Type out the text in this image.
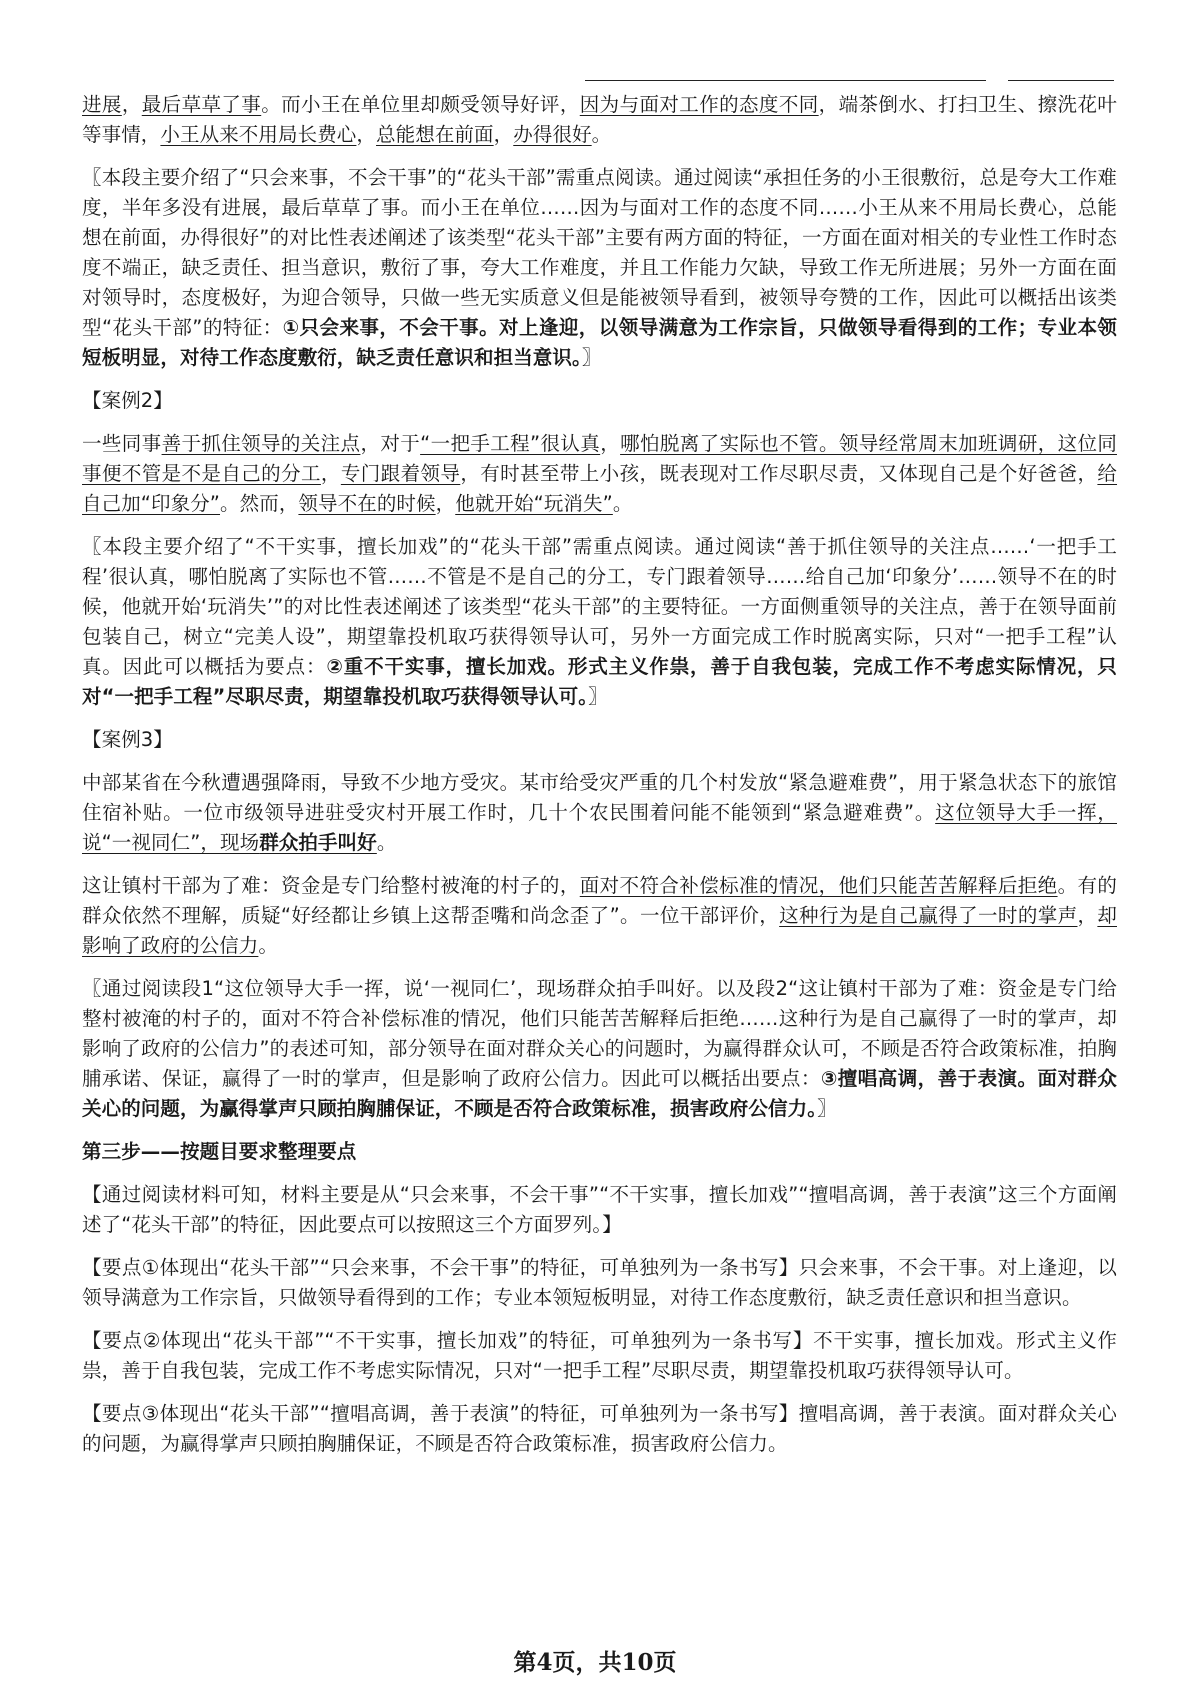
进展，最后草草了事。而小王在单位里却颇受领导好评，因为与面对工作的态度不同，端茶倒水、打扫卫生、擦洗花叶等事情，小王从来不用局长费心，总能想在前面，办得很好。

〖本段主要介绍了“只会来事，不会干事”的“花头干部”需重点阅读。通过阅读“承担任务的小王很敷衍，总是夸大工作难度，半年多没有进展，最后草草了事。而小王在单位……因为与面对工作的态度不同……小王从来不用局长费心，总能想在前面，办得很好”的对比性表述阐述了该类型“花头干部”主要有两方面的特征，一方面在面对相关的专业性工作时态度不端正，缺乏责任、担当意识，敷衍了事，夸大工作难度，并且工作能力欠缺，导致工作无所进展；另外一方面在面对领导时，态度极好，为迎合领导，只做一些无实质意义但是能被领导看到，被领导夸赞的工作，因此可以概括出该类型“花头干部”的特征：①只会来事，不会干事。对上逢迎，以领导满意为工作宗旨，只做领导看得到的工作；专业本领短板明显，对待工作态度敷衍，缺乏责任意识和担当意识。〗

【案例2】

一些同事善于抓住领导的关注点，对于“一把手工程”很认真，哪怕脱离了实际也不管。领导经常周末加班调研，这位同事便不管是不是自己的分工，专门跟着领导，有时甚至带上小孩，既表现对工作尽职尽责，又体现自己是个好爸爸，给自己加“印象分”。然而，领导不在的时候，他就开始“玩消失”。

〖本段主要介绍了“不干实事，擅长加戏”的“花头干部”需重点阅读。通过阅读“善于抓住领导的关注点……‘一把手工程’很认真，哪怕脱离了实际也不管……不管是不是自己的分工，专门跟着领导……给自己加‘印象分’……领导不在的时候，他就开始‘玩消失’”的对比性表述阐述了该类型“花头干部”的主要特征。一方面侧重领导的关注点，善于在领导面前包装自己，树立“完美人设”，期望靠投机取巧获得领导认可，另外一方面完成工作时脱离实际，只对“一把手工程”认真。因此可以概括为要点：②重不干实事，擅长加戏。形式主义作祟，善于自我包装，完成工作不考虑实际情况，只对“一把手工程”尽职尽责，期望靠投机取巧获得领导认可。〗

【案例3】

中部某省在今秋遭遇强降雨，导致不少地方受灾。某市给受灾严重的几个村发放“紧急避难费”，用于紧急状态下的旅馆住宿补贴。一位市级领导进驻受灾村开展工作时，几十个农民围着问能不能领到“紧急避难费”。这位领导大手一挥，说“一视同仁”，现场群众拍手叫好。

这让镇村干部为了难：资金是专门给整村被淹的村子的，面对不符合补偿标准的情况，他们只能苦苦解释后拒绝。有的群众依然不理解，质疑“好经都让乡镇上这帮歪嘴和尚念歪了”。一位干部评价，这种行为是自己赢得了一时的掌声，却影响了政府的公信力。

〖通过阅读段1“这位领导大手一挥，说‘一视同仁’，现场群众拍手叫好。以及段2“这让镇村干部为了难：资金是专门给整村被淹的村子的，面对不符合补偿标准的情况，他们只能苦苦解释后拒绝……这种行为是自己赢得了一时的掌声，却影响了政府的公信力”的表述可知，部分领导在面对群众关心的问题时，为赢得群众认可，不顾是否符合政策标准，拍胸脯承诺、保证，赢得了一时的掌声，但是影响了政府公信力。因此可以概括出要点：③擅唱高调，善于表演。面对群众关心的问题，为赢得掌声只顾拍胸脯保证，不顾是否符合政策标准，损害政府公信力。〗

第三步——按题目要求整理要点

【通过阅读材料可知，材料主要是从“只会来事，不会干事”“不干实事，擅长加戏”“擅唱高调，善于表演”这三个方面阐述了“花头干部”的特征，因此要点可以按照这三个方面罗列。】

【要点①体现出“花头干部”“只会来事，不会干事”的特征，可单独列为一条书写】只会来事，不会干事。对上逢迎，以领导满意为工作宗旨，只做领导看得到的工作；专业本领短板明显，对待工作态度敷衍，缺乏责任意识和担当意识。

【要点②体现出“花头干部”“不干实事，擅长加戏”的特征，可单独列为一条书写】不干实事，擅长加戏。形式主义作祟，善于自我包装，完成工作不考虑实际情况，只对“一把手工程”尽职尽责，期望靠投机取巧获得领导认可。

【要点③体现出“花头干部”“擅唱高调，善于表演”的特征，可单独列为一条书写】擅唱高调，善于表演。面对群众关心的问题，为赢得掌声只顾拍胸脯保证，不顾是否符合政策标准，损害政府公信力。

第4页，共10页
